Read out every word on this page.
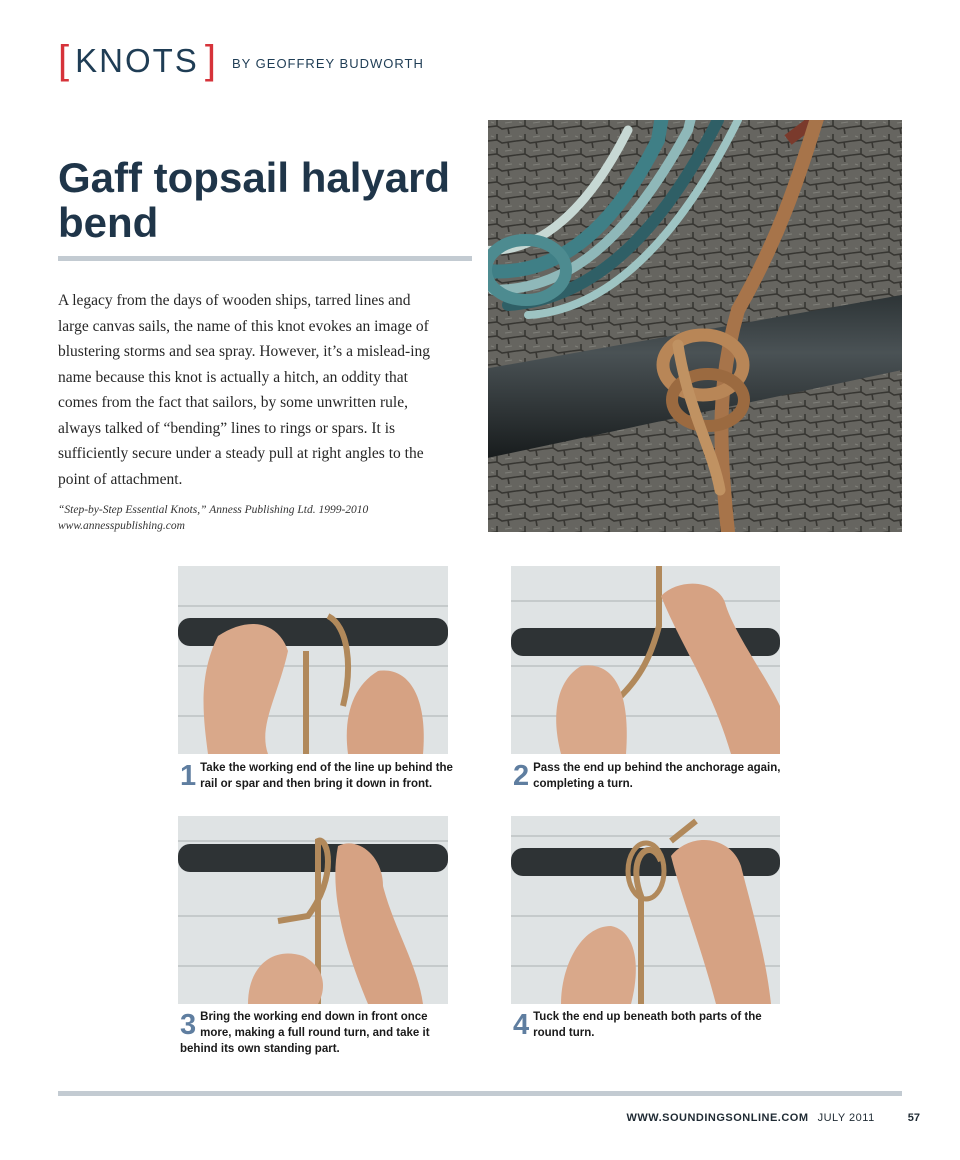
[ KNOTS ] BY GEOFFREY BUDWORTH
Gaff topsail halyard bend

A legacy from the days of wooden ships, tarred lines and large canvas sails, the name of this knot evokes an image of blustering storms and sea spray. However, it’s a mislead-ing name because this knot is actually a hitch, an oddity that comes from the fact that sailors, by some unwritten rule, always talked of “bending” lines to rings or spars. It is sufficiently secure under a steady pull at right angles to the point of attachment.

“Step-by-Step Essential Knots,” Anness Publishing Ltd. 1999-2010
www.annesspublishing.com
1 Take the working end of the line up behind the rail or spar and then bring it down in front.	2 Pass the end up behind the anchorage again, completing a turn.
3 Bring the working end down in front once more, making a full round turn, and take it behind its own standing part.
4 Tuck the end up beneath both parts of the round turn.
WWW.SOUNDINGSONLINE.COM JULY 2011	57
